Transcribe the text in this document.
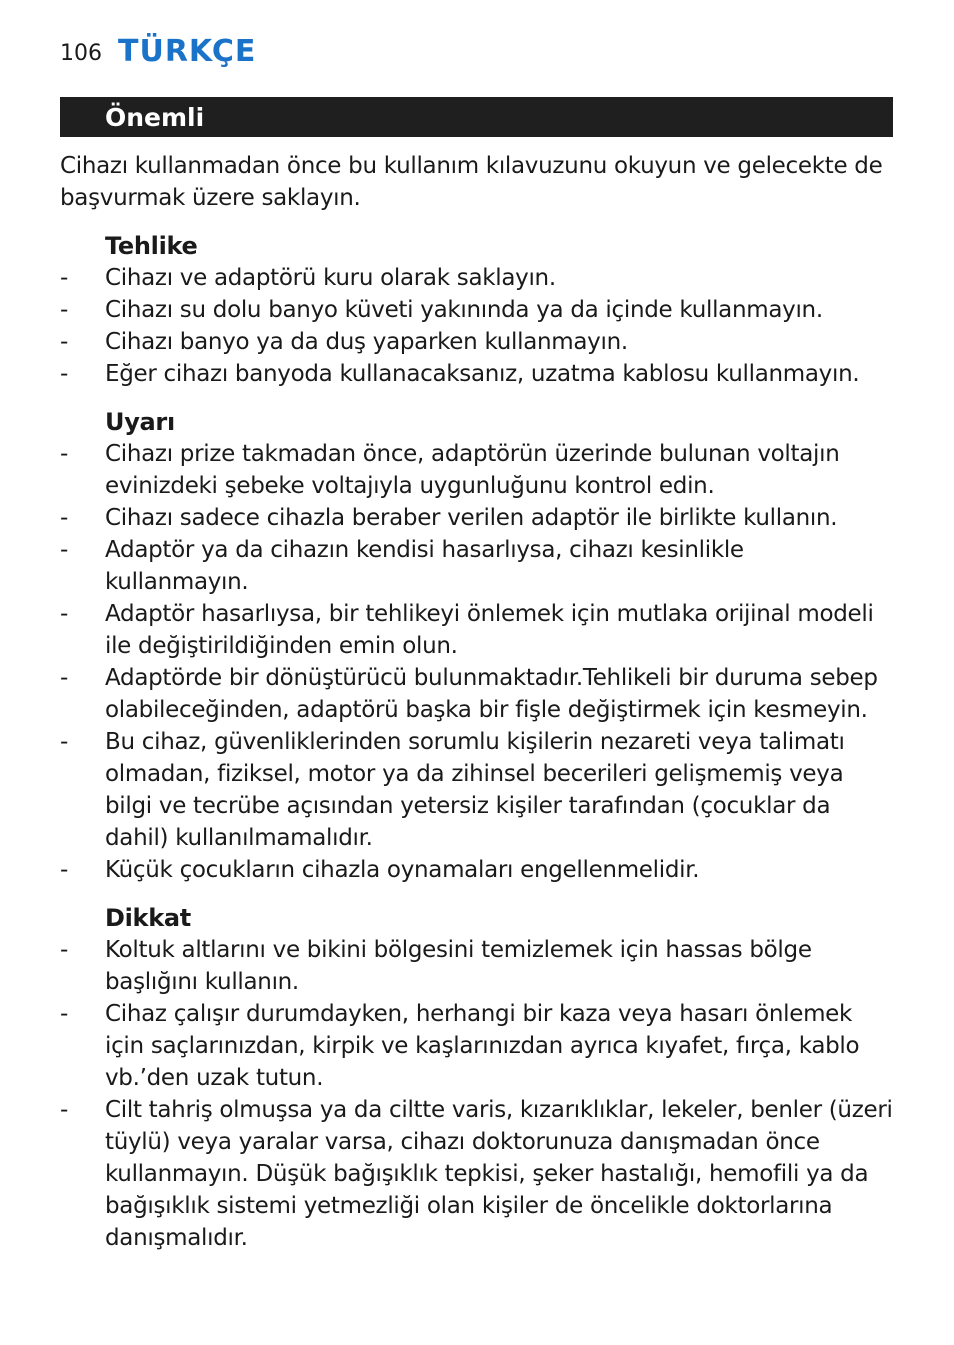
106 TÜRKÇE
Önemli

Cihazı kullanmadan önce bu kullanım kılavuzunu okuyun ve gelecekte de başvurmak üzere saklayın.

Tehlike

- Cihazı ve adaptörü kuru olarak saklayın.
- Cihazı su dolu banyo küveti yakınında ya da içinde kullanmayın.
- Cihazı banyo ya da duş yaparken kullanmayın.
- Eğer cihazı banyoda kullanacaksanız, uzatma kablosu kullanmayın.

Uyarı

- Cihazı prize takmadan önce, adaptörün üzerinde bulunan voltajın evinizdeki şebeke voltajıyla uygunluğunu kontrol edin.
- Cihazı sadece cihazla beraber verilen adaptör ile birlikte kullanın.
- Adaptör ya da cihazın kendisi hasarlıysa, cihazı kesinlikle kullanmayın.
- Adaptör hasarlıysa, bir tehlikeyi önlemek için mutlaka orijinal modeli ile değiştirildiğinden emin olun.
- Adaptörde bir dönüştürücü bulunmaktadır.Tehlikeli bir duruma sebep olabileceğinden, adaptörü başka bir fişle değiştirmek için kesmeyin.
- Bu cihaz, güvenliklerinden sorumlu kişilerin nezareti veya talimatı olmadan, fiziksel, motor ya da zihinsel becerileri gelişmemiş veya bilgi ve tecrübe açısından yetersiz kişiler tarafından (çocuklar da dahil) kullanılmamalıdır.
- Küçük çocukların cihazla oynamaları engellenmelidir.

Dikkat

- Koltuk altlarını ve bikini bölgesini temizlemek için hassas bölge başlığını kullanın.
- Cihaz çalışır durumdayken, herhangi bir kaza veya hasarı önlemek için saçlarınızdan, kirpik ve kaşlarınızdan ayrıca kıyafet, fırça, kablo vb.’den uzak tutun.
- Cilt tahriş olmuşsa ya da ciltte varis, kızarıklıklar, lekeler, benler (üzeri tüylü) veya yaralar varsa, cihazı doktorunuza danışmadan önce kullanmayın. Düşük bağışıklık tepkisi, şeker hastalığı, hemofili ya da bağışıklık sistemi yetmezliği olan kişiler de öncelikle doktorlarına danışmalıdır.
